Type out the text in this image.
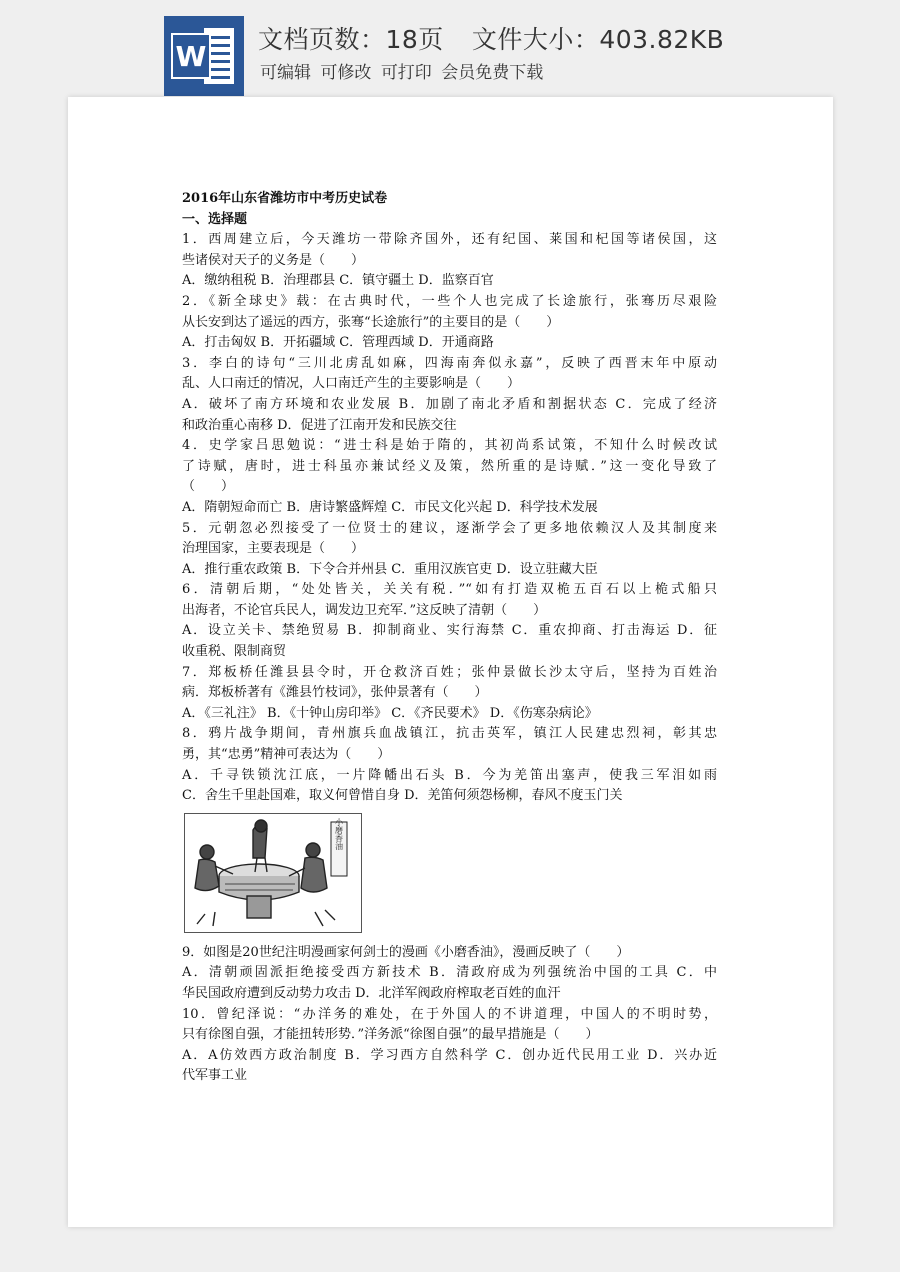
W
文档页数：18页 文件大小：403.82KB
可编辑 可修改 可打印 会员免费下载
2016年山东省潍坊市中考历史试卷
一、选择题
1．西周建立后，今天潍坊一带除齐国外，还有纪国、莱国和杞国等诸侯国，这
些诸侯对天子的义务是（　　）
A．缴纳租税 B．治理郡县 C．镇守疆土 D．监察百官
2．《新全球史》载：在古典时代，一些个人也完成了长途旅行，张骞历尽艰险
从长安到达了遥远的西方，张骞“长途旅行”的主要目的是（　　）
A．打击匈奴 B．开拓疆域 C．管理西域 D．开通商路
3．李白的诗句“三川北虏乱如麻，四海南奔似永嘉”，反映了西晋末年中原动
乱、人口南迁的情况，人口南迁产生的主要影响是（　　）
A．破坏了南方环境和农业发展 B．加剧了南北矛盾和割据状态 C．完成了经济
和政治重心南移 D．促进了江南开发和民族交往
4．史学家吕思勉说：“进士科是始于隋的，其初尚系试策，不知什么时候改试
了诗赋，唐时，进士科虽亦兼试经义及策，然所重的是诗赋．”这一变化导致了
（　　）
A．隋朝短命而亡 B．唐诗繁盛辉煌 C．市民文化兴起 D．科学技术发展
5．元朝忽必烈接受了一位贤士的建议，逐渐学会了更多地依赖汉人及其制度来
治理国家，主要表现是（　　）
A．推行重农政策 B．下令合并州县 C．重用汉族官吏 D．设立驻藏大臣
6．清朝后期，“处处皆关，关关有税．”“如有打造双桅五百石以上桅式船只
出海者，不论官兵民人，调发边卫充军．”这反映了清朝（　　）
A．设立关卡、禁绝贸易 B．抑制商业、实行海禁 C．重农抑商、打击海运 D．征
收重税、限制商贸
7．郑板桥任潍县县令时，开仓救济百姓；张仲景做长沙太守后，坚持为百姓治
病．郑板桥著有《潍县竹枝词》，张仲景著有（　　）
A．《三礼注》 B．《十钟山房印举》 C．《齐民要术》 D．《伤寒杂病论》
8．鸦片战争期间，青州旗兵血战镇江，抗击英军，镇江人民建忠烈祠，彰其忠
勇，其“忠勇”精神可表达为（　　）
A．千寻铁锁沈江底，一片降幡出石头 B．今为羌笛出塞声，使我三军泪如雨
C．舍生千里赴国难，取义何曾惜自身 D．羌笛何须怨杨柳，春风不度玉门关
小磨香油
9．如图是20世纪注明漫画家何剑士的漫画《小磨香油》，漫画反映了（　　）
A．清朝顽固派拒绝接受西方新技术 B．清政府成为列强统治中国的工具 C．中
华民国政府遭到反动势力攻击 D．北洋军阀政府榨取老百姓的血汗
10．曾纪泽说：“办洋务的难处，在于外国人的不讲道理，中国人的不明时势，
只有徐图自强，才能扭转形势．”洋务派“徐图自强”的最早措施是（　　）
A．A仿效西方政治制度 B．学习西方自然科学 C．创办近代民用工业 D．兴办近
代军事工业
